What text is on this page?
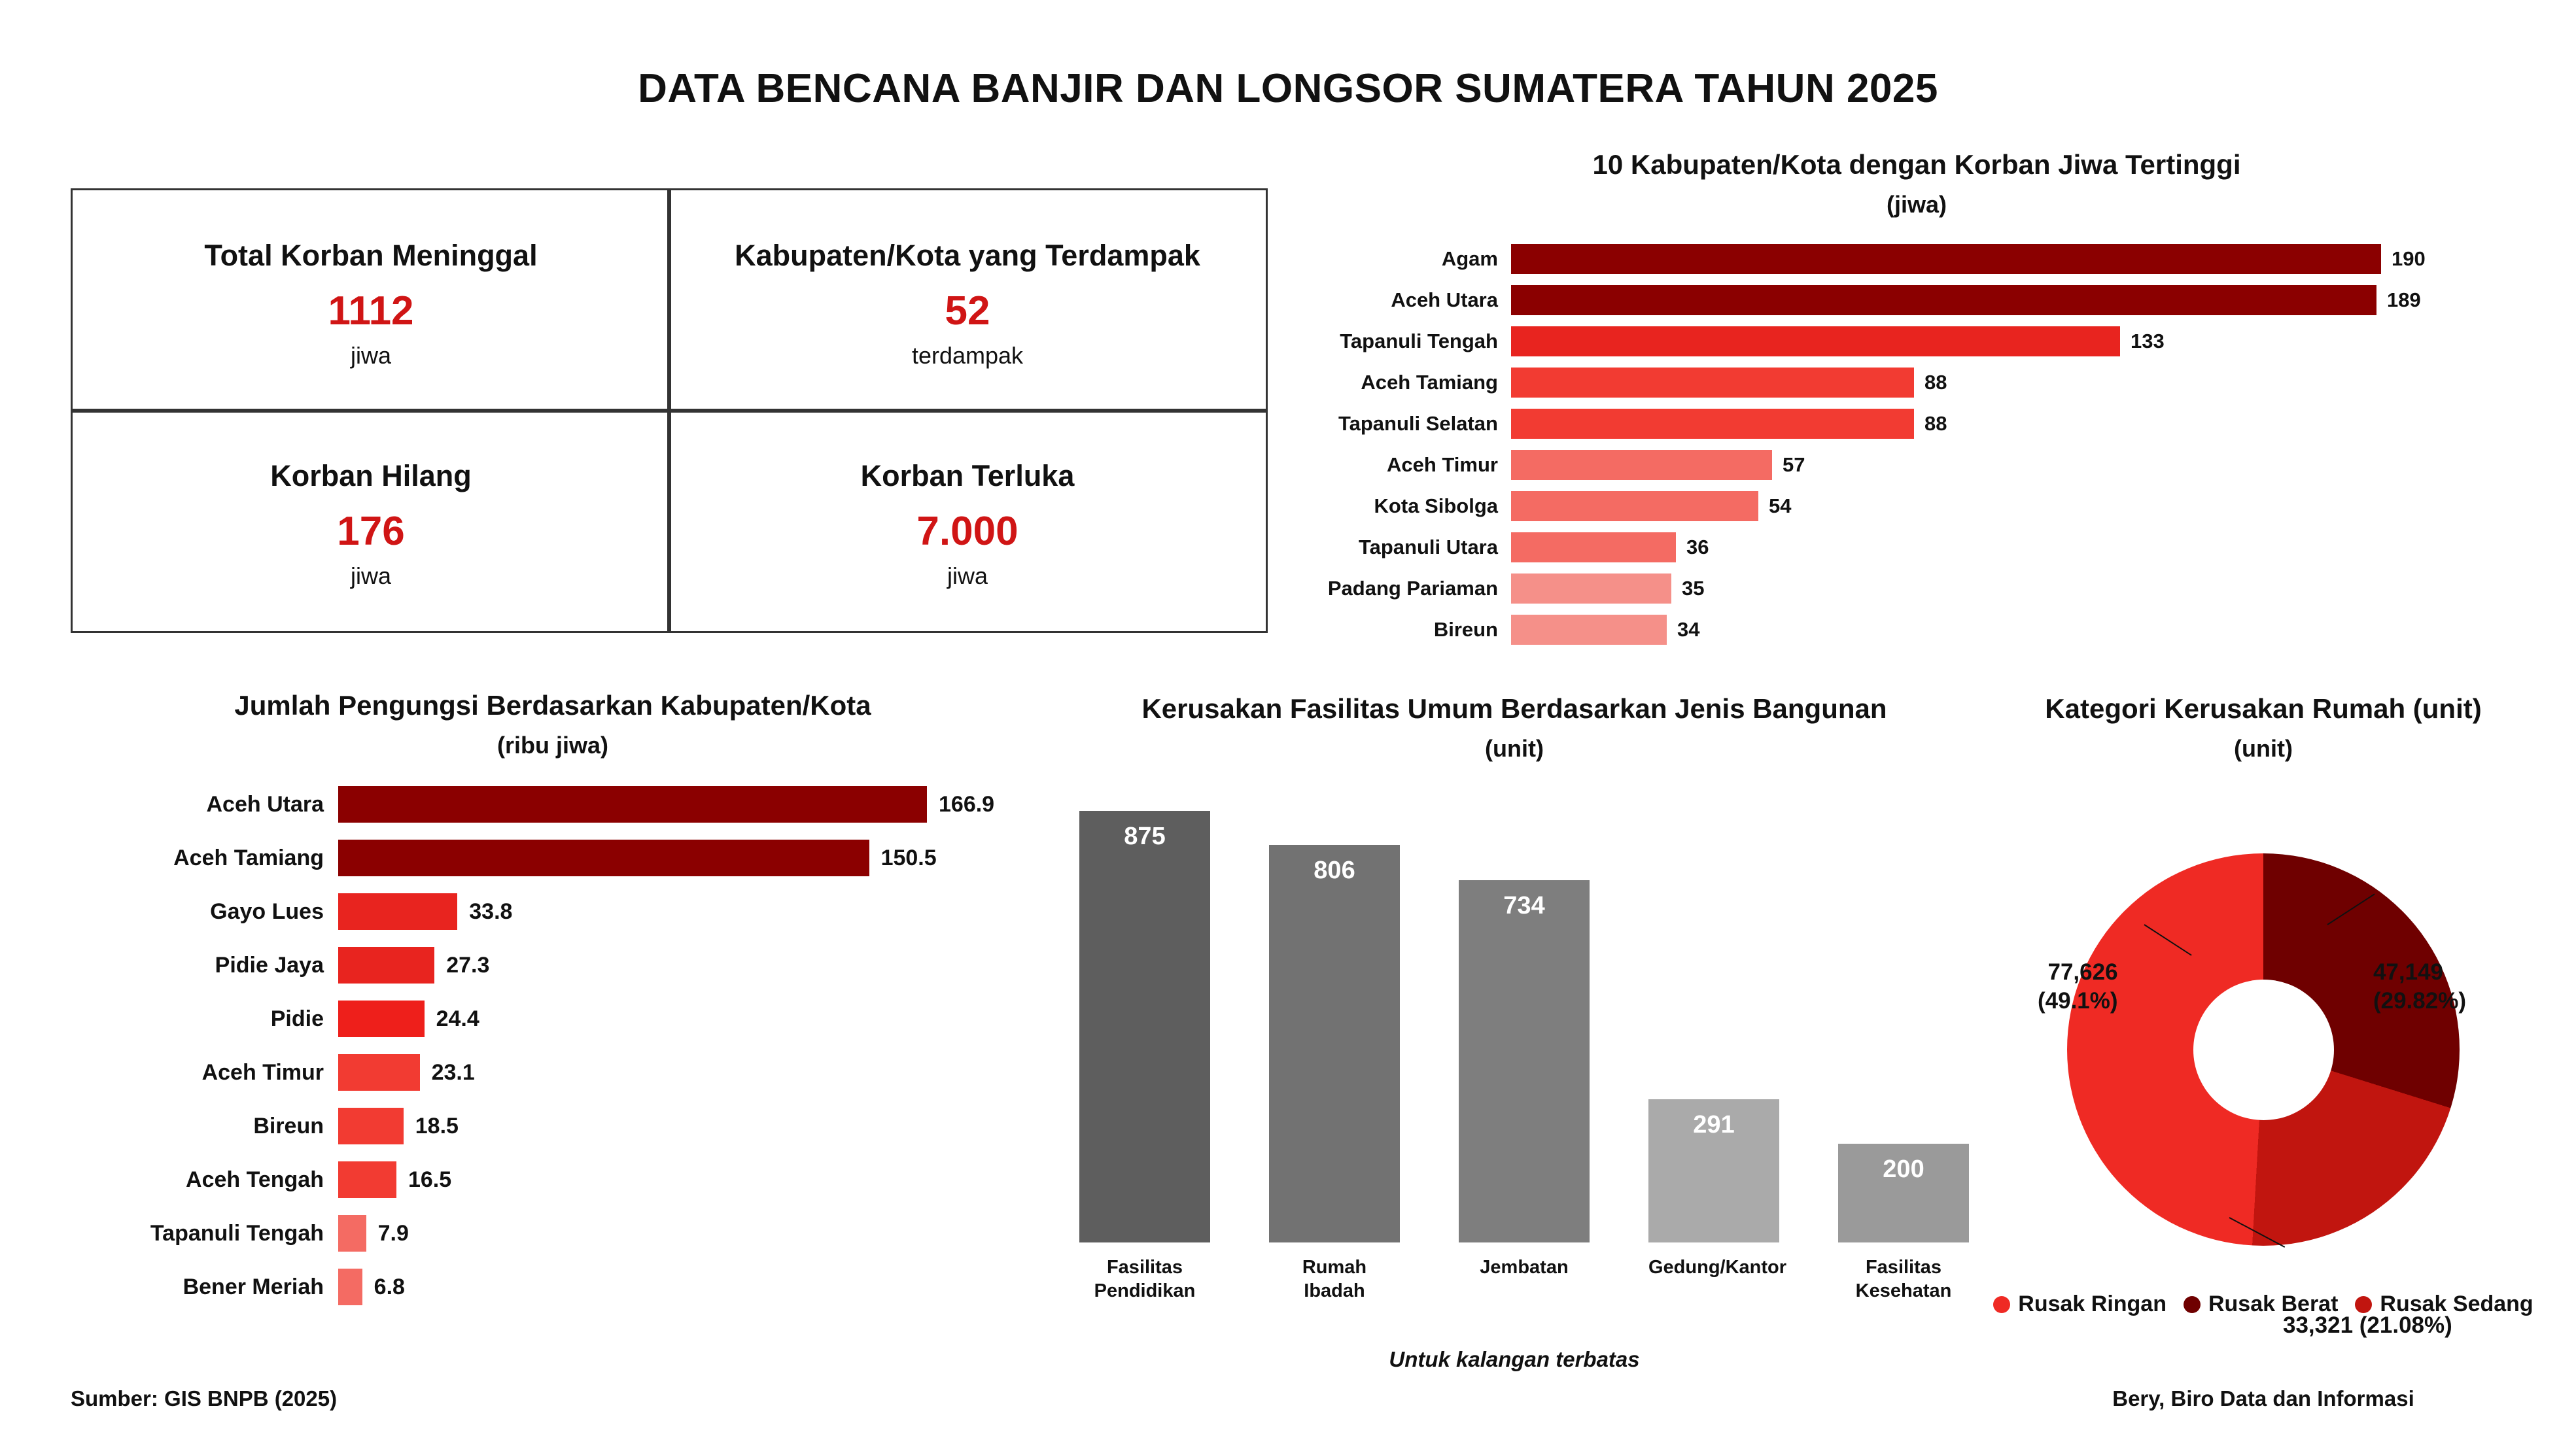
DATA BENCANA BANJIR DAN LONGSOR SUMATERA TAHUN 2025
Total Korban Meninggal
1112
jiwa
Kabupaten/Kota yang Terdampak
52
terdampak
Korban Hilang
176
jiwa
Korban Terluka
7.000
jiwa
10 Kabupaten/Kota dengan Korban Jiwa Tertinggi
(jiwa)
Agam	190
Aceh Utara	189
Tapanuli Tengah	133
Aceh Tamiang	88
Tapanuli Selatan	88
Aceh Timur	57
Kota Sibolga	54
Tapanuli Utara	36
Padang Pariaman	35
Bireun	34
Jumlah Pengungsi Berdasarkan Kabupaten/Kota
(ribu jiwa)
Aceh Utara	166.9
Aceh Tamiang	150.5
Gayo Lues	33.8
Pidie Jaya	27.3
Pidie	24.4
Aceh Timur	23.1
Bireun	18.5
Aceh Tengah	16.5
Tapanuli Tengah	7.9
Bener Meriah	6.8
Sumber: GIS BNPB (2025)
Kerusakan Fasilitas Umum Berdasarkan Jenis Bangunan
(unit)
875
806
734
291
200
Fasilitas
Pendidikan
Rumah
Ibadah
Jembatan	Gedung/Kantor	Fasilitas
Kesehatan
Untuk kalangan terbatas
Kategori Kerusakan Rumah (unit)
(unit)
77,626
(49.1%)
47,149
(29.82%)
33,321 (21.08%)
Rusak Ringan Rusak Berat Rusak Sedang
Bery, Biro Data dan Informasi
